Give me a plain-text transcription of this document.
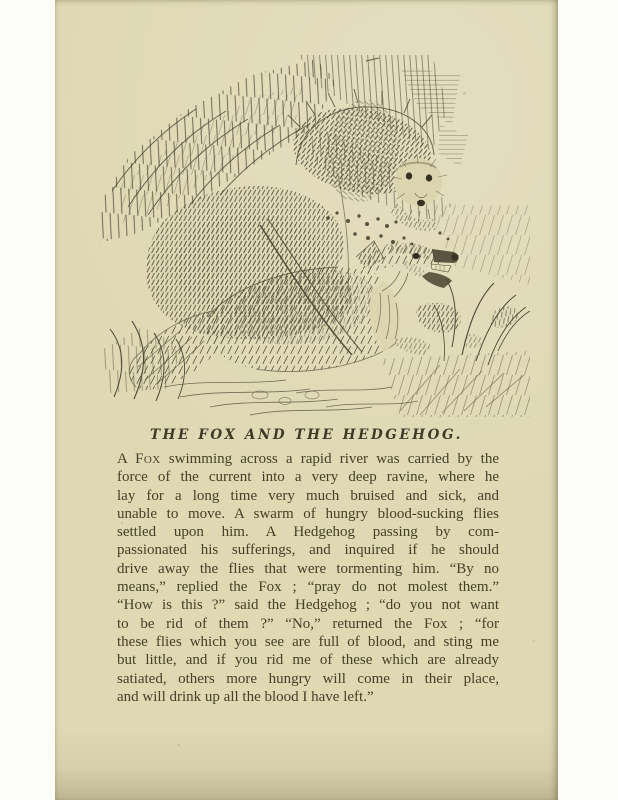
THE FOX AND THE HEDGEHOG.
A Fox swimming across a rapid river was carried by the
force of the current into a very deep ravine, where he
lay for a long time very much bruised and sick, and
unable to move. A swarm of hungry blood-sucking flies
settled upon him. A Hedgehog passing by com-
passionated his sufferings, and inquired if he should
drive away the flies that were tormenting him. “By no
means,” replied the Fox ; “pray do not molest them.”
“How is this ?” said the Hedgehog ; “do you not want
to be rid of them ?” “No,” returned the Fox ; “for
these flies which you see are full of blood, and sting me
but little, and if you rid me of these which are already
satiated, others more hungry will come in their place,
and will drink up all the blood I have left.”
